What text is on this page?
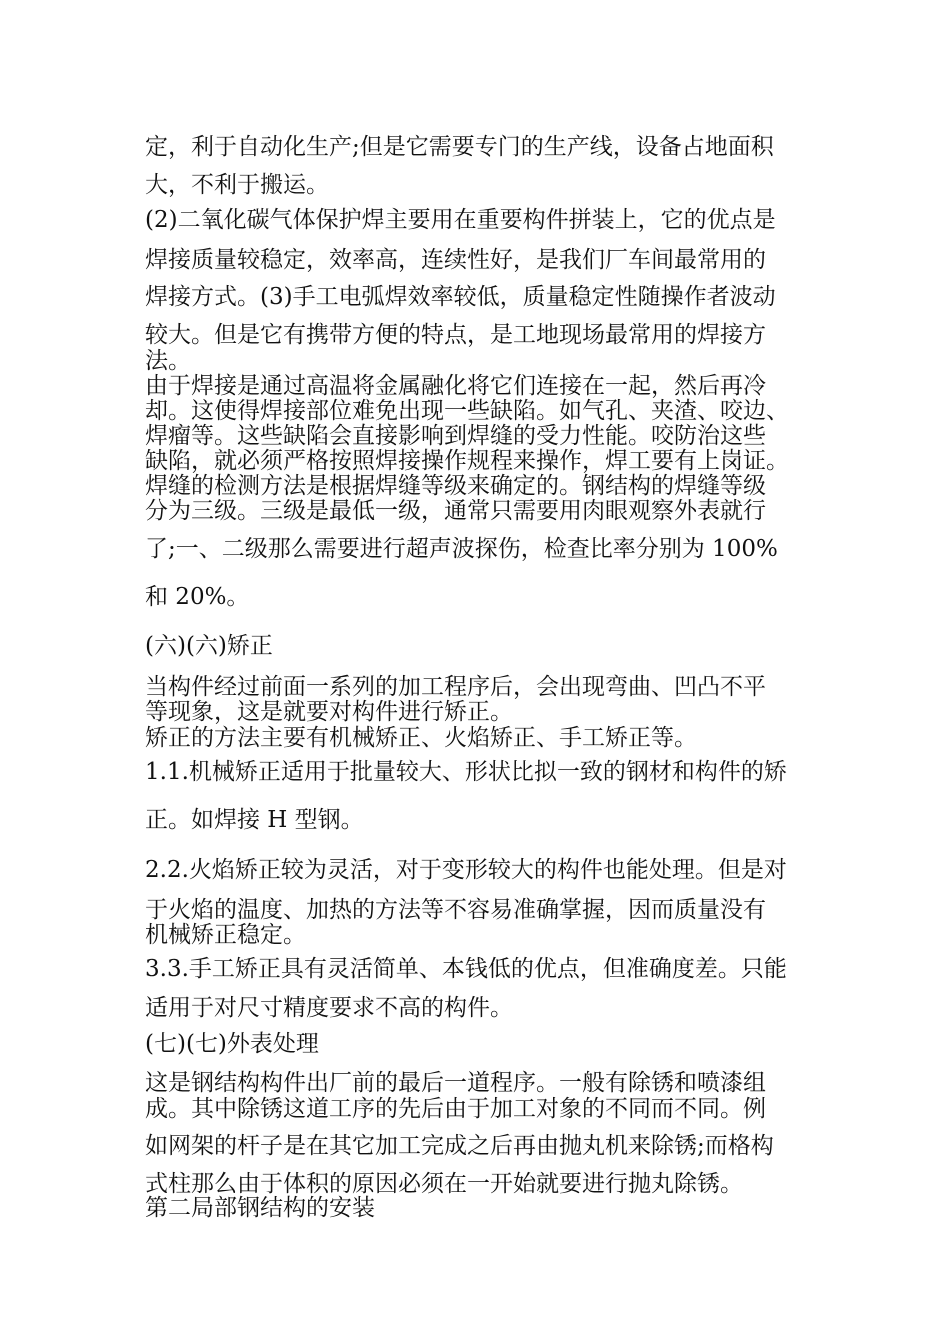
定，利于自动化生产;但是它需要专门的生产线，设备占地面积

大，不利于搬运。

(2)二氧化碳气体保护焊主要用在重要构件拼装上，它的优点是

焊接质量较稳定，效率高，连续性好，是我们厂车间最常用的

焊接方式。(3)手工电弧焊效率较低，质量稳定性随操作者波动

较大。但是它有携带方便的特点，是工地现场最常用的焊接方

法。

由于焊接是通过高温将金属融化将它们连接在一起，然后再冷

却。这使得焊接部位难免出现一些缺陷。如气孔、夹渣、咬边、

焊瘤等。这些缺陷会直接影响到焊缝的受力性能。咬防治这些

缺陷，就必须严格按照焊接操作规程来操作，焊工要有上岗证。

焊缝的检测方法是根据焊缝等级来确定的。钢结构的焊缝等级

分为三级。三级是最低一级，通常只需要用肉眼观察外表就行

了;一、二级那么需要进行超声波探伤，检查比率分别为 100%

和 20%。

(六)(六)矫正

当构件经过前面一系列的加工程序后，会出现弯曲、凹凸不平

等现象，这是就要对构件进行矫正。

矫正的方法主要有机械矫正、火焰矫正、手工矫正等。

1.1.机械矫正适用于批量较大、形状比拟一致的钢材和构件的矫

正。如焊接 H 型钢。

2.2.火焰矫正较为灵活，对于变形较大的构件也能处理。但是对

于火焰的温度、加热的方法等不容易准确掌握，因而质量没有

机械矫正稳定。

3.3.手工矫正具有灵活简单、本钱低的优点，但准确度差。只能

适用于对尺寸精度要求不高的构件。

(七)(七)外表处理

这是钢结构构件出厂前的最后一道程序。一般有除锈和喷漆组

成。其中除锈这道工序的先后由于加工对象的不同而不同。例

如网架的杆子是在其它加工完成之后再由抛丸机来除锈;而格构

式柱那么由于体积的原因必须在一开始就要进行抛丸除锈。

第二局部钢结构的安装
